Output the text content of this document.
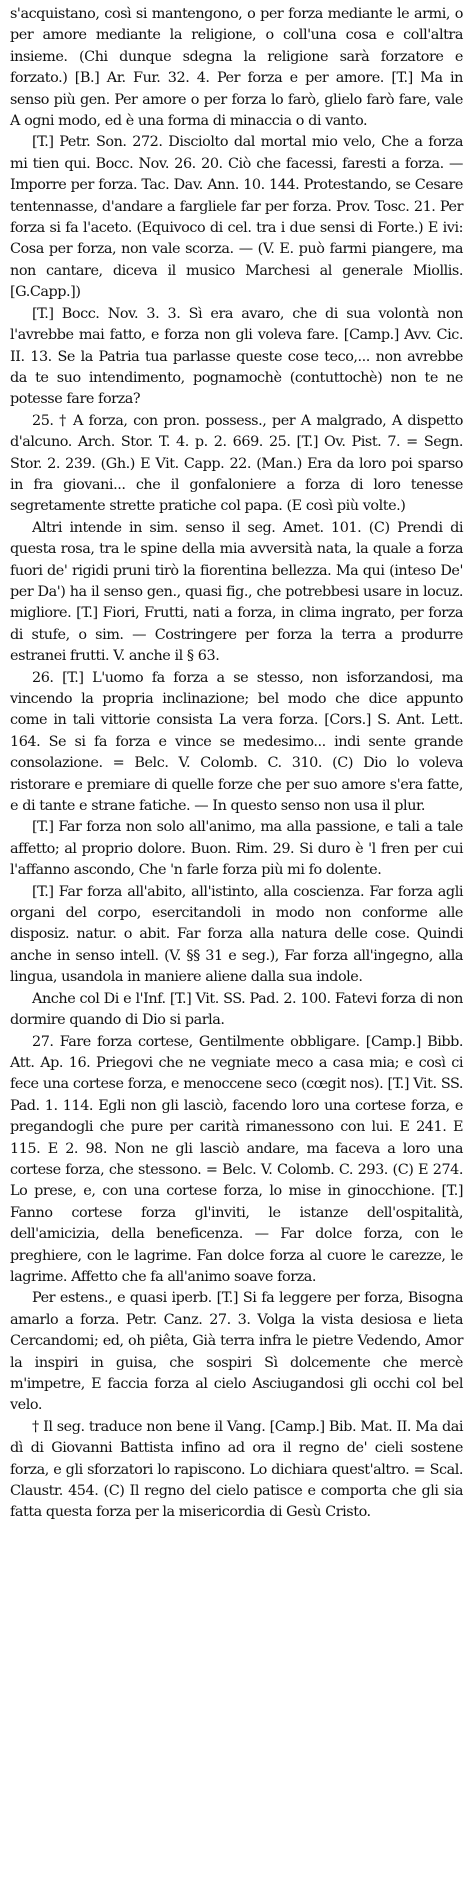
s'acquistano, così si mantengono, o per forza mediante le armi, o per amore mediante la religione, o coll'una cosa e coll'altra insieme. (Chi dunque sdegna la religione sarà forzatore e forzato.) [B.] Ar. Fur. 32. 4. Per forza e per amore. [T.] Ma in senso più gen. Per amore o per forza lo farò, glielo farò fare, vale A ogni modo, ed è una forma di minaccia o di vanto.

[T.] Petr. Son. 272. Disciolto dal mortal mio velo, Che a forza mi tien qui. Bocc. Nov. 26. 20. Ciò che facessi, faresti a forza. — Imporre per forza. Tac. Dav. Ann. 10. 144. Protestando, se Cesare tentennasse, d'andare a fargliele far per forza. Prov. Tosc. 21. Per forza si fa l'aceto. (Equivoco di cel. tra i due sensi di Forte.) E ivi: Cosa per forza, non vale scorza. — (V. E. può farmi piangere, ma non cantare, diceva il musico Marchesi al generale Miollis. [G.Capp.])

[T.] Bocc. Nov. 3. 3. Sì era avaro, che di sua volontà non l'avrebbe mai fatto, e forza non gli voleva fare. [Camp.] Avv. Cic. II. 13. Se la Patria tua parlasse queste cose teco,... non avrebbe da te suo intendimento, pognamochè (contuttochè) non te ne potesse fare forza?

25. † A forza, con pron. possess., per A malgrado, A dispetto d'alcuno. Arch. Stor. T. 4. p. 2. 669. 25. [T.] Ov. Pist. 7. = Segn. Stor. 2. 239. (Gh.) E Vit. Capp. 22. (Man.) Era da loro poi sparso in fra giovani... che il gonfaloniere a forza di loro tenesse segretamente strette pratiche col papa. (E così più volte.)

Altri intende in sim. senso il seg. Amet. 101. (C) Prendi di questa rosa, tra le spine della mia avversità nata, la quale a forza fuori de' rigidi pruni tirò la fiorentina bellezza. Ma qui (inteso De' per Da') ha il senso gen., quasi fig., che potrebbesi usare in locuz. migliore. [T.] Fiori, Frutti, nati a forza, in clima ingrato, per forza di stufe, o sim. — Costringere per forza la terra a produrre estranei frutti. V. anche il § 63.

26. [T.] L'uomo fa forza a se stesso, non isforzandosi, ma vincendo la propria inclinazione; bel modo che dice appunto come in tali vittorie consista La vera forza. [Cors.] S. Ant. Lett. 164. Se si fa forza e vince se medesimo... indi sente grande consolazione. = Belc. V. Colomb. C. 310. (C) Dio lo voleva ristorare e premiare di quelle forze che per suo amore s'era fatte, e di tante e strane fatiche. — In questo senso non usa il plur.

[T.] Far forza non solo all'animo, ma alla passione, e tali a tale affetto; al proprio dolore. Buon. Rim. 29. Si duro è 'l fren per cui l'affanno ascondo, Che 'n farle forza più mi fo dolente.

[T.] Far forza all'abito, all'istinto, alla coscienza. Far forza agli organi del corpo, esercitandoli in modo non conforme alle disposiz. natur. o abit. Far forza alla natura delle cose. Quindi anche in senso intell. (V. §§ 31 e seg.), Far forza all'ingegno, alla lingua, usandola in maniere aliene dalla sua indole.

Anche col Di e l'Inf. [T.] Vit. SS. Pad. 2. 100. Fatevi forza di non dormire quando di Dio si parla.

27. Fare forza cortese, Gentilmente obbligare. [Camp.] Bibb. Att. Ap. 16. Priegovi che ne vegniate meco a casa mia; e così ci fece una cortese forza, e menoccene seco (cœgit nos). [T.] Vit. SS. Pad. 1. 114. Egli non gli lasciò, facendo loro una cortese forza, e pregandogli che pure per carità rimanessono con lui. E 241. E 115. E 2. 98. Non ne gli lasciò andare, ma faceva a loro una cortese forza, che stessono. = Belc. V. Colomb. C. 293. (C) E 274. Lo prese, e, con una cortese forza, lo mise in ginocchione. [T.] Fanno cortese forza gl'inviti, le istanze dell'ospitalità, dell'amicizia, della beneficenza. — Far dolce forza, con le preghiere, con le lagrime. Fan dolce forza al cuore le carezze, le lagrime. Affetto che fa all'animo soave forza.

Per estens., e quasi iperb. [T.] Si fa leggere per forza, Bisogna amarlo a forza. Petr. Canz. 27. 3. Volga la vista desiosa e lieta Cercandomi; ed, oh piêta, Già terra infra le pietre Vedendo, Amor la inspiri in guisa, che sospiri Sì dolcemente che mercè m'impetre, E faccia forza al cielo Asciugandosi gli occhi col bel velo.

† Il seg. traduce non bene il Vang. [Camp.] Bib. Mat. II. Ma dai dì di Giovanni Battista infino ad ora il regno de' cieli sostene forza, e gli sforzatori lo rapiscono. Lo dichiara quest'altro. = Scal. Claustr. 454. (C) Il regno del cielo patisce e comporta che gli sia fatta questa forza per la misericordia di Gesù Cristo.
